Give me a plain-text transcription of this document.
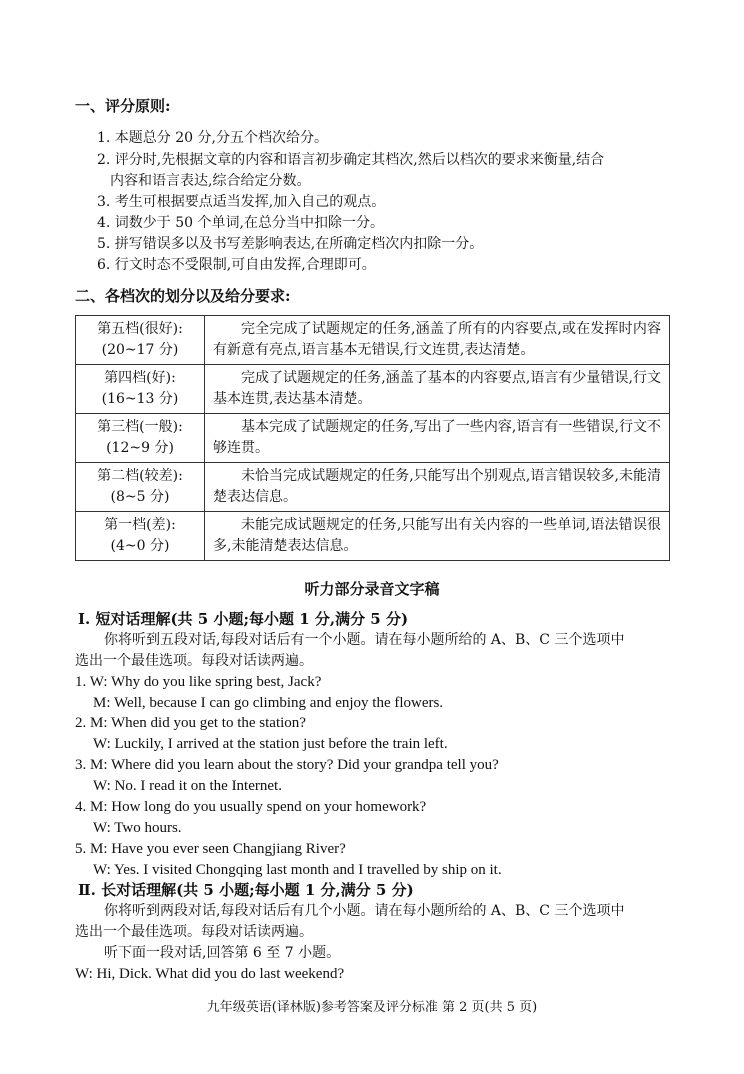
一、评分原则:
1. 本题总分 20 分,分五个档次给分。
2. 评分时,先根据文章的内容和语言初步确定其档次,然后以档次的要求来衡量,结合
内容和语言表达,综合给定分数。
3. 考生可根据要点适当发挥,加入自己的观点。
4. 词数少于 50 个单词,在总分当中扣除一分。
5. 拼写错误多以及书写差影响表达,在所确定档次内扣除一分。
6. 行文时态不受限制,可自由发挥,合理即可。
二、各档次的划分以及给分要求:
第五档(很好):
(20~17 分)	完全完成了试题规定的任务,涵盖了所有的内容要点,或在发挥时内容有新意有亮点,语言基本无错误,行文连贯,表达清楚。

第四档(好):
(16~13 分)	完成了试题规定的任务,涵盖了基本的内容要点,语言有少量错误,行文基本连贯,表达基本清楚。

第三档(一般):
(12~9 分)	基本完成了试题规定的任务,写出了一些内容,语言有一些错误,行文不够连贯。

第二档(较差):
(8~5 分)	未恰当完成试题规定的任务,只能写出个别观点,语言错误较多,未能清楚表达信息。

第一档(差):
(4~0 分)	未能完成试题规定的任务,只能写出有关内容的一些单词,语法错误很多,未能清楚表达信息。
听力部分录音文字稿
Ⅰ. 短对话理解(共 5 小题;每小题 1 分,满分 5 分)
你将听到五段对话,每段对话后有一个小题。请在每小题所给的 A、B、C 三个选项中
选出一个最佳选项。每段对话读两遍。
1. W: Why do you like spring best, Jack?
M: Well, because I can go climbing and enjoy the flowers.
2. M: When did you get to the station?
W: Luckily, I arrived at the station just before the train left.
3. M: Where did you learn about the story? Did your grandpa tell you?
W: No. I read it on the Internet.
4. M: How long do you usually spend on your homework?
W: Two hours.
5. M: Have you ever seen Changjiang River?
W: Yes. I visited Chongqing last month and I travelled by ship on it.
Ⅱ. 长对话理解(共 5 小题;每小题 1 分,满分 5 分)
你将听到两段对话,每段对话后有几个小题。请在每小题所给的 A、B、C 三个选项中
选出一个最佳选项。每段对话读两遍。
听下面一段对话,回答第 6 至 7 小题。
W: Hi, Dick. What did you do last weekend?
九年级英语(译林版)参考答案及评分标准 第 2 页(共 5 页)
